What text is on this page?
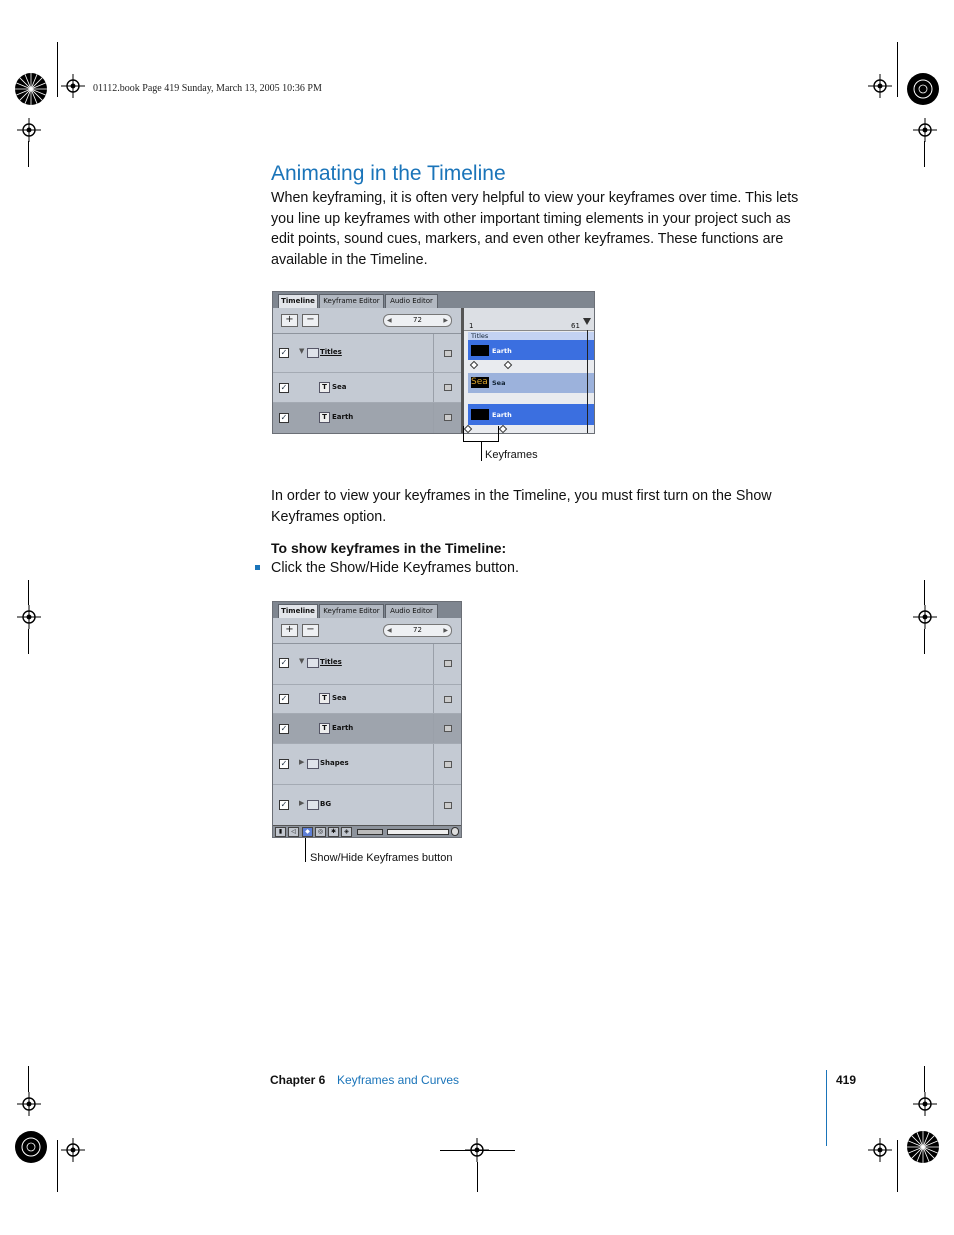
01112.book Page 419 Sunday, March 13, 2005 10:36 PM
Animating in the Timeline

When keyframing, it is often very helpful to view your keyframes over time. This lets you line up keyframes with other important timing elements in your project such as edit points, sound cues, markers, and even other keyframes. These functions are available in the Timeline.

Timeline	Keyframe Editor	Audio Editor
+	−	◀	72	▶
✓ ▼ Titles
✓	T Sea
✓	T Earth
1	61
Titles
Earth
Sea Sea
Earth
Keyframes

In order to view your keyframes in the Timeline, you must first turn on the Show Keyframes option.

To show keyframes in the Timeline:
Click the Show/Hide Keyframes button.
Timeline	Keyframe Editor	Audio Editor
+	−	◀	72	▶
✓ ▼ Titles
✓	T Sea
✓	T Earth
✓ ▶ Shapes
✓ ▶ BG
▮	◁	◆	◎	✱	◈
Show/Hide Keyframes button
Chapter 6 Keyframes and Curves	419
